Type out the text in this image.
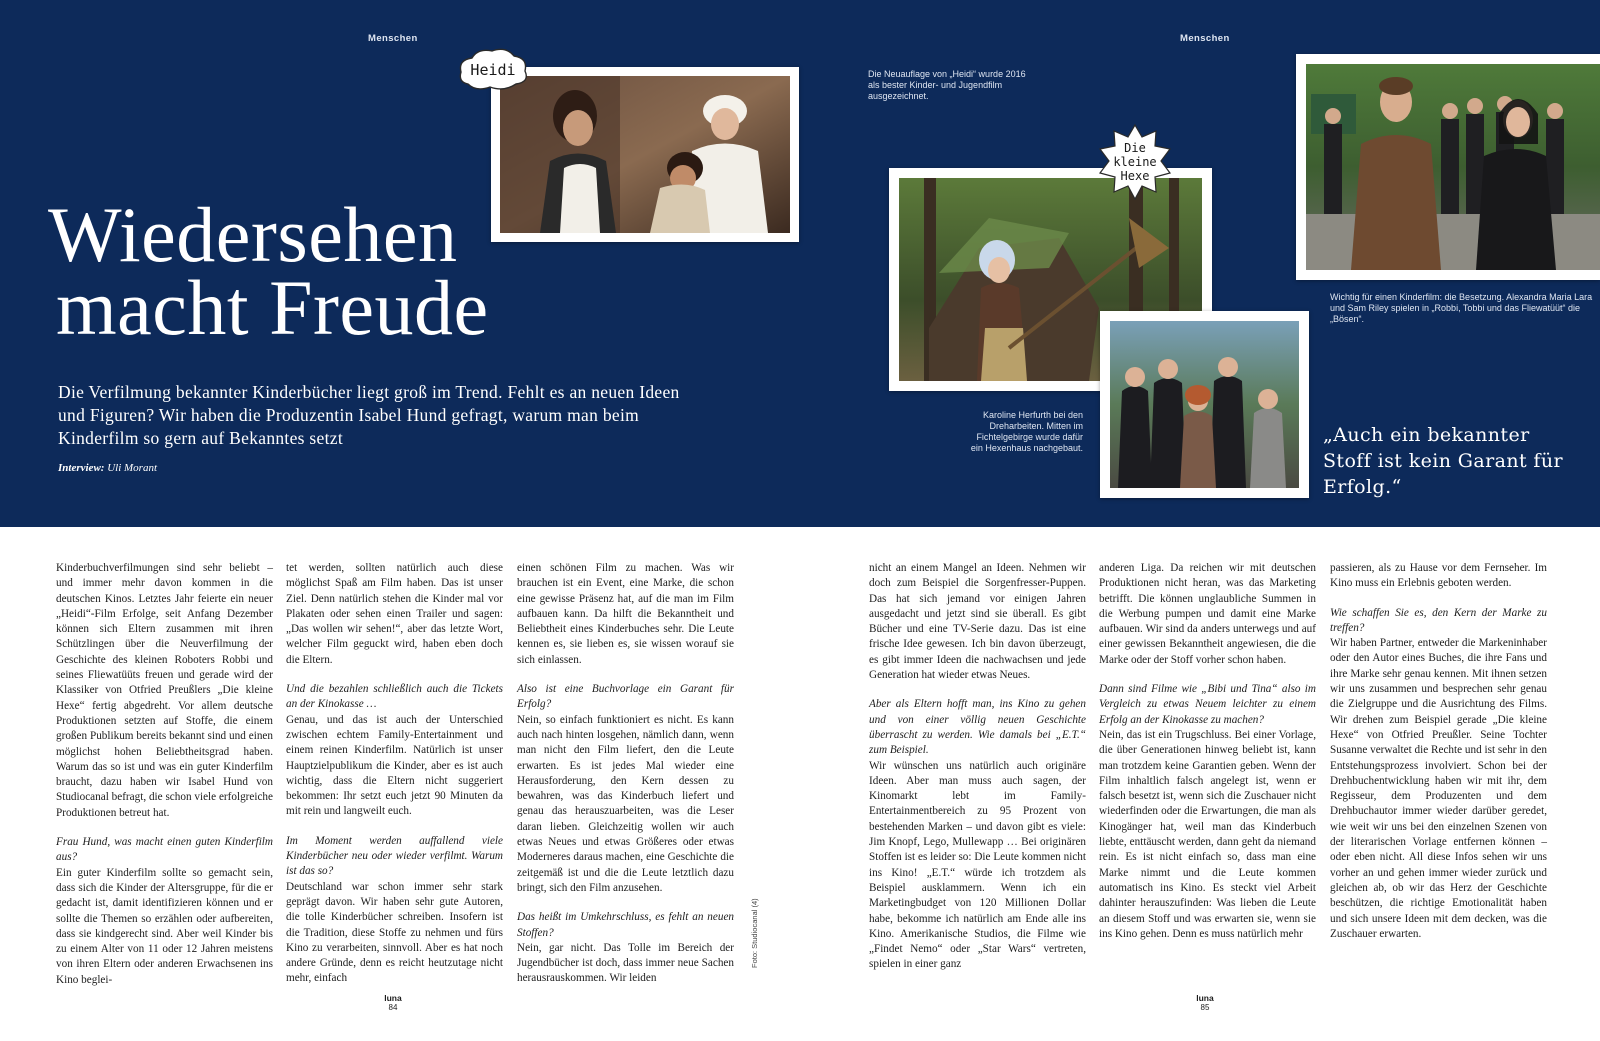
Menschen	Menschen
Wiedersehen
macht Freude

Die Verfilmung bekannter Kinderbücher liegt groß im Trend. Fehlt es an neuen Ideen und Figuren? Wir haben die Produzentin Isabel Hund gefragt, warum man beim Kinderfilm so gern auf Bekanntes setzt

Interview: Uli Morant
Heidi	Die Neuauflage von „Heidi“ wurde 2016 als bester Kinder- und Jugendfilm ausgezeichnet.
Wichtig für einen Kinderfilm: die Besetzung. Alexandra Maria Lara und Sam Riley spielen in „Robbi, Tobbi und das Fliewatüüt“ die „Bösen“.
Die kleine Hexe
Karoline Herfurth bei den Dreharbeiten. Mitten im Fichtelgebirge wurde dafür ein Hexenhaus nachgebaut.
„Auch ein bekannter Stoff ist kein Garant für Erfolg.“

Kinderbuchverfilmungen sind sehr beliebt – und immer mehr davon kommen in die deutschen Kinos. Letztes Jahr feierte ein neuer „Heidi“-Film Erfolge, seit Anfang Dezember können sich Eltern zusammen mit ihren Schützlingen über die Neuverfilmung der Geschichte des kleinen Roboters Robbi und seines Fliewatüüts freuen und gerade wird der Klassiker von Otfried Preußlers „Die kleine Hexe“ fertig abgedreht. Vor allem deutsche Produktionen setzten auf Stoffe, die einem großen Publikum bereits bekannt sind und einen möglichst hohen Beliebtheitsgrad haben. Warum das so ist und was ein guter Kinderfilm braucht, dazu haben wir Isabel Hund von Studiocanal befragt, die schon viele erfolgreiche Produktionen betreut hat.

Frau Hund, was macht einen guten Kinderfilm aus?

Ein guter Kinderfilm sollte so gemacht sein, dass sich die Kinder der Altersgruppe, für die er gedacht ist, damit identifizieren können und er sollte die Themen so erzählen oder aufbereiten, dass sie kindgerecht sind. Aber weil Kinder bis zu einem Alter von 11 oder 12 Jahren meistens von ihren Eltern oder anderen Erwachsenen ins Kino beglei-

tet werden, sollten natürlich auch diese möglichst Spaß am Film haben. Das ist unser Ziel. Denn natürlich stehen die Kinder mal vor Plakaten oder sehen einen Trailer und sagen: „Das wollen wir sehen!“, aber das letzte Wort, welcher Film geguckt wird, haben eben doch die Eltern.

Und die bezahlen schließlich auch die Tickets an der Kinokasse …

Genau, und das ist auch der Unterschied zwischen echtem Family-Entertainment und einem reinen Kinderfilm. Natürlich ist unser Hauptzielpublikum die Kinder, aber es ist auch wichtig, dass die Eltern nicht suggeriert bekommen: Ihr setzt euch jetzt 90 Minuten da mit rein und langweilt euch.

Im Moment werden auffallend viele Kinderbücher neu oder wieder verfilmt. Warum ist das so?

Deutschland war schon immer sehr stark geprägt davon. Wir haben sehr gute Autoren, die tolle Kinderbücher schreiben. Insofern ist die Tradition, diese Stoffe zu nehmen und fürs Kino zu verarbeiten, sinnvoll. Aber es hat noch andere Gründe, denn es reicht heutzutage nicht mehr, einfach

einen schönen Film zu machen. Was wir brauchen ist ein Event, eine Marke, die schon eine gewisse Präsenz hat, auf die man im Film aufbauen kann. Da hilft die Bekanntheit und Beliebtheit eines Kinderbuches sehr. Die Leute kennen es, sie lieben es, sie wissen worauf sie sich einlassen.

Also ist eine Buchvorlage ein Garant für Erfolg?

Nein, so einfach funktioniert es nicht. Es kann auch nach hinten losgehen, nämlich dann, wenn man nicht den Film liefert, den die Leute erwarten. Es ist jedes Mal wieder eine Herausforderung, den Kern dessen zu bewahren, was das Kinderbuch liefert und genau das herauszuarbeiten, was die Leser daran lieben. Gleichzeitig wollen wir auch etwas Neues und etwas Größeres oder etwas Moderneres daraus machen, eine Geschichte die zeitgemäß ist und die die Leute letztlich dazu bringt, sich den Film anzusehen.

Das heißt im Umkehrschluss, es fehlt an neuen Stoffen?

Nein, gar nicht. Das Tolle im Bereich der Jugendbücher ist doch, dass immer neue Sachen herausrauskommen. Wir leiden

Foto: Studiocanal (4)

nicht an einem Mangel an Ideen. Nehmen wir doch zum Beispiel die Sorgenfresser-Puppen. Das hat sich jemand vor einigen Jahren ausgedacht und jetzt sind sie überall. Es gibt Bücher und eine TV-Serie dazu. Das ist eine frische Idee gewesen. Ich bin davon überzeugt, es gibt immer Ideen die nachwachsen und jede Generation hat wieder etwas Neues.

Aber als Eltern hofft man, ins Kino zu gehen und von einer völlig neuen Geschichte überrascht zu werden. Wie damals bei „E.T.“ zum Beispiel.

Wir wünschen uns natürlich auch originäre Ideen. Aber man muss auch sagen, der Kinomarkt lebt im Family-Entertainmentbereich zu 95 Prozent von bestehenden Marken – und davon gibt es viele: Jim Knopf, Lego, Mullewapp … Bei originären Stoffen ist es leider so: Die Leute kommen nicht ins Kino! „E.T.“ würde ich trotzdem als Beispiel ausklammern. Wenn ich ein Marketingbudget von 120 Millionen Dollar habe, bekomme ich natürlich am Ende alle ins Kino. Amerikanische Studios, die Filme wie „Findet Nemo“ oder „Star Wars“ vertreten, spielen in einer ganz

anderen Liga. Da reichen wir mit deutschen Produktionen nicht heran, was das Marketing betrifft. Die können unglaubliche Summen in die Werbung pumpen und damit eine Marke aufbauen. Wir sind da anders unterwegs und auf einer gewissen Bekanntheit angewiesen, die die Marke oder der Stoff vorher schon haben.

Dann sind Filme wie „Bibi und Tina“ also im Vergleich zu etwas Neuem leichter zu einem Erfolg an der Kinokasse zu machen?

Nein, das ist ein Trugschluss. Bei einer Vorlage, die über Generationen hinweg beliebt ist, kann man trotzdem keine Garantien geben. Wenn der Film inhaltlich falsch angelegt ist, wenn er falsch besetzt ist, wenn sich die Zuschauer nicht wiederfinden oder die Erwartungen, die man als Kinogänger hat, weil man das Kinderbuch liebte, enttäuscht werden, dann geht da niemand rein. Es ist nicht einfach so, dass man eine Marke nimmt und die Leute kommen automatisch ins Kino. Es steckt viel Arbeit dahinter herauszufinden: Was lieben die Leute an diesem Stoff und was erwarten sie, wenn sie ins Kino gehen. Denn es muss natürlich mehr

passieren, als zu Hause vor dem Fernseher. Im Kino muss ein Erlebnis geboten werden.

Wie schaffen Sie es, den Kern der Marke zu treffen?

Wir haben Partner, entweder die Markeninhaber oder den Autor eines Buches, die ihre Fans und ihre Marke sehr genau kennen. Mit ihnen setzen wir uns zusammen und besprechen sehr genau die Zielgruppe und die Ausrichtung des Films. Wir drehen zum Beispiel gerade „Die kleine Hexe“ von Otfried Preußler. Seine Tochter Susanne verwaltet die Rechte und ist sehr in den Entstehungsprozess involviert. Schon bei der Drehbuchentwicklung haben wir mit ihr, dem Regisseur, dem Produzenten und dem Drehbuchautor immer wieder darüber geredet, wie weit wir uns bei den einzelnen Szenen von der literarischen Vorlage entfernen können – oder eben nicht. All diese Infos sehen wir uns vorher an und gehen immer wieder zurück und gleichen ab, ob wir das Herz der Geschichte beschützen, die richtige Emotionalität haben und sich unsere Ideen mit dem decken, was die Zuschauer erwarten.

luna
84
luna
85
